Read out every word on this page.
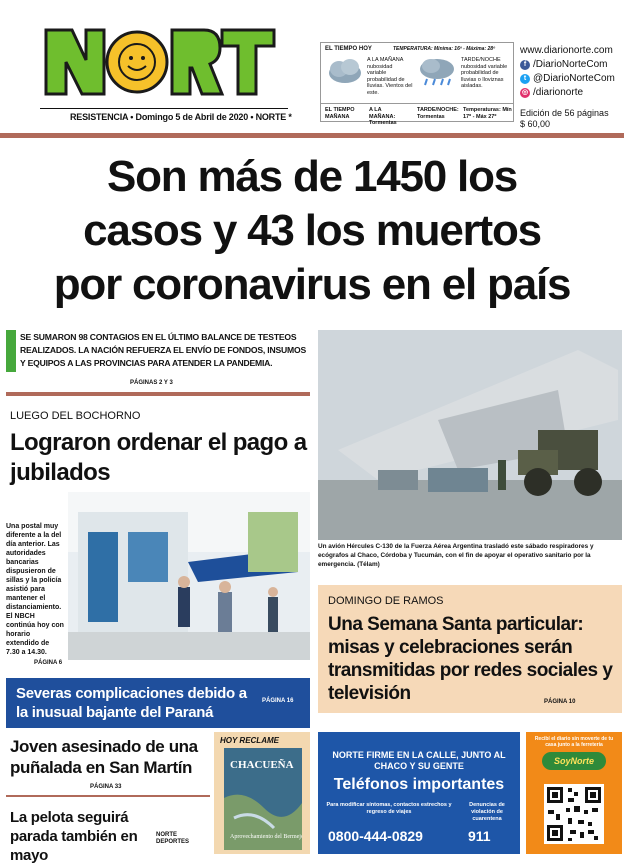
RESISTENCIA • Domingo 5 de Abril de 2020 • NORTE *
EL TIEMPO HOY	TEMPERATURA: Mínima: 16º - Máxima: 28º
A LA MAÑANA nubosidad variable probabilidad de lluvias. Vientos del este.
TARDE/NOCHE nubosidad variable probabilidad de lluvias o lloviznas aisladas.
EL TIEMPO MAÑANA
A LA MAÑANA: Tormentas
TARDE/NOCHE: Tormentas
Temperaturas: Mín 17º - Máx 27º
www.diarionorte.com
f /DiarioNorteCom
t @DiarioNorteCom
◎ /diarionorte
Edición de 56 páginas
$ 60,00
Son más de 1450 los
casos y 43 los muertos
por coronavirus en el país
SE SUMARON 98 CONTAGIOS EN EL ÚLTIMO BALANCE DE TESTEOS REALIZADOS. LA NACIÓN REFUERZA EL ENVÍO DE FONDOS, INSUMOS Y EQUIPOS A LAS PROVINCIAS PARA ATENDER LA PANDEMIA.
PÁGINAS 2 Y 3
LUEGO DEL BOCHORNO
Lograron ordenar el pago a jubilados
Una postal muy diferente a la del día anterior. Las autoridades bancarias dispusieron de sillas y la policía asistió para mantener el distanciamiento. El NBCH continúa hoy con horario extendido de 7.30 a 14.30.
PÁGINA 6
Severas complicaciones debido a la inusual bajante del Paraná
PÁGINA 16
Joven asesinado de una puñalada en San Martín
PÁGINA 33
La pelota seguirá parada también en mayo
NORTE DEPORTES
HOY RECLAME
CHACUEÑA
Aprovechamiento del Bermejo
Un avión Hércules C-130 de la Fuerza Aérea Argentina trasladó este sábado respiradores y ecógrafos al Chaco, Córdoba y Tucumán, con el fin de apoyar el operativo sanitario por la emergencia. (Télam)
DOMINGO DE RAMOS
Una Semana Santa particular: misas y celebraciones serán transmitidas por redes sociales y televisión	PÁGINA 10
NORTE FIRME EN LA CALLE, JUNTO AL CHACO Y SU GENTE
Teléfonos importantes
Para modificar síntomas, contactos estrechos y regreso de viajes
0800-444-0829
Denuncias de violación de cuarentena
911
Recibí el diario sin moverte de tu casa junto a la ferretería
SoyNorte
